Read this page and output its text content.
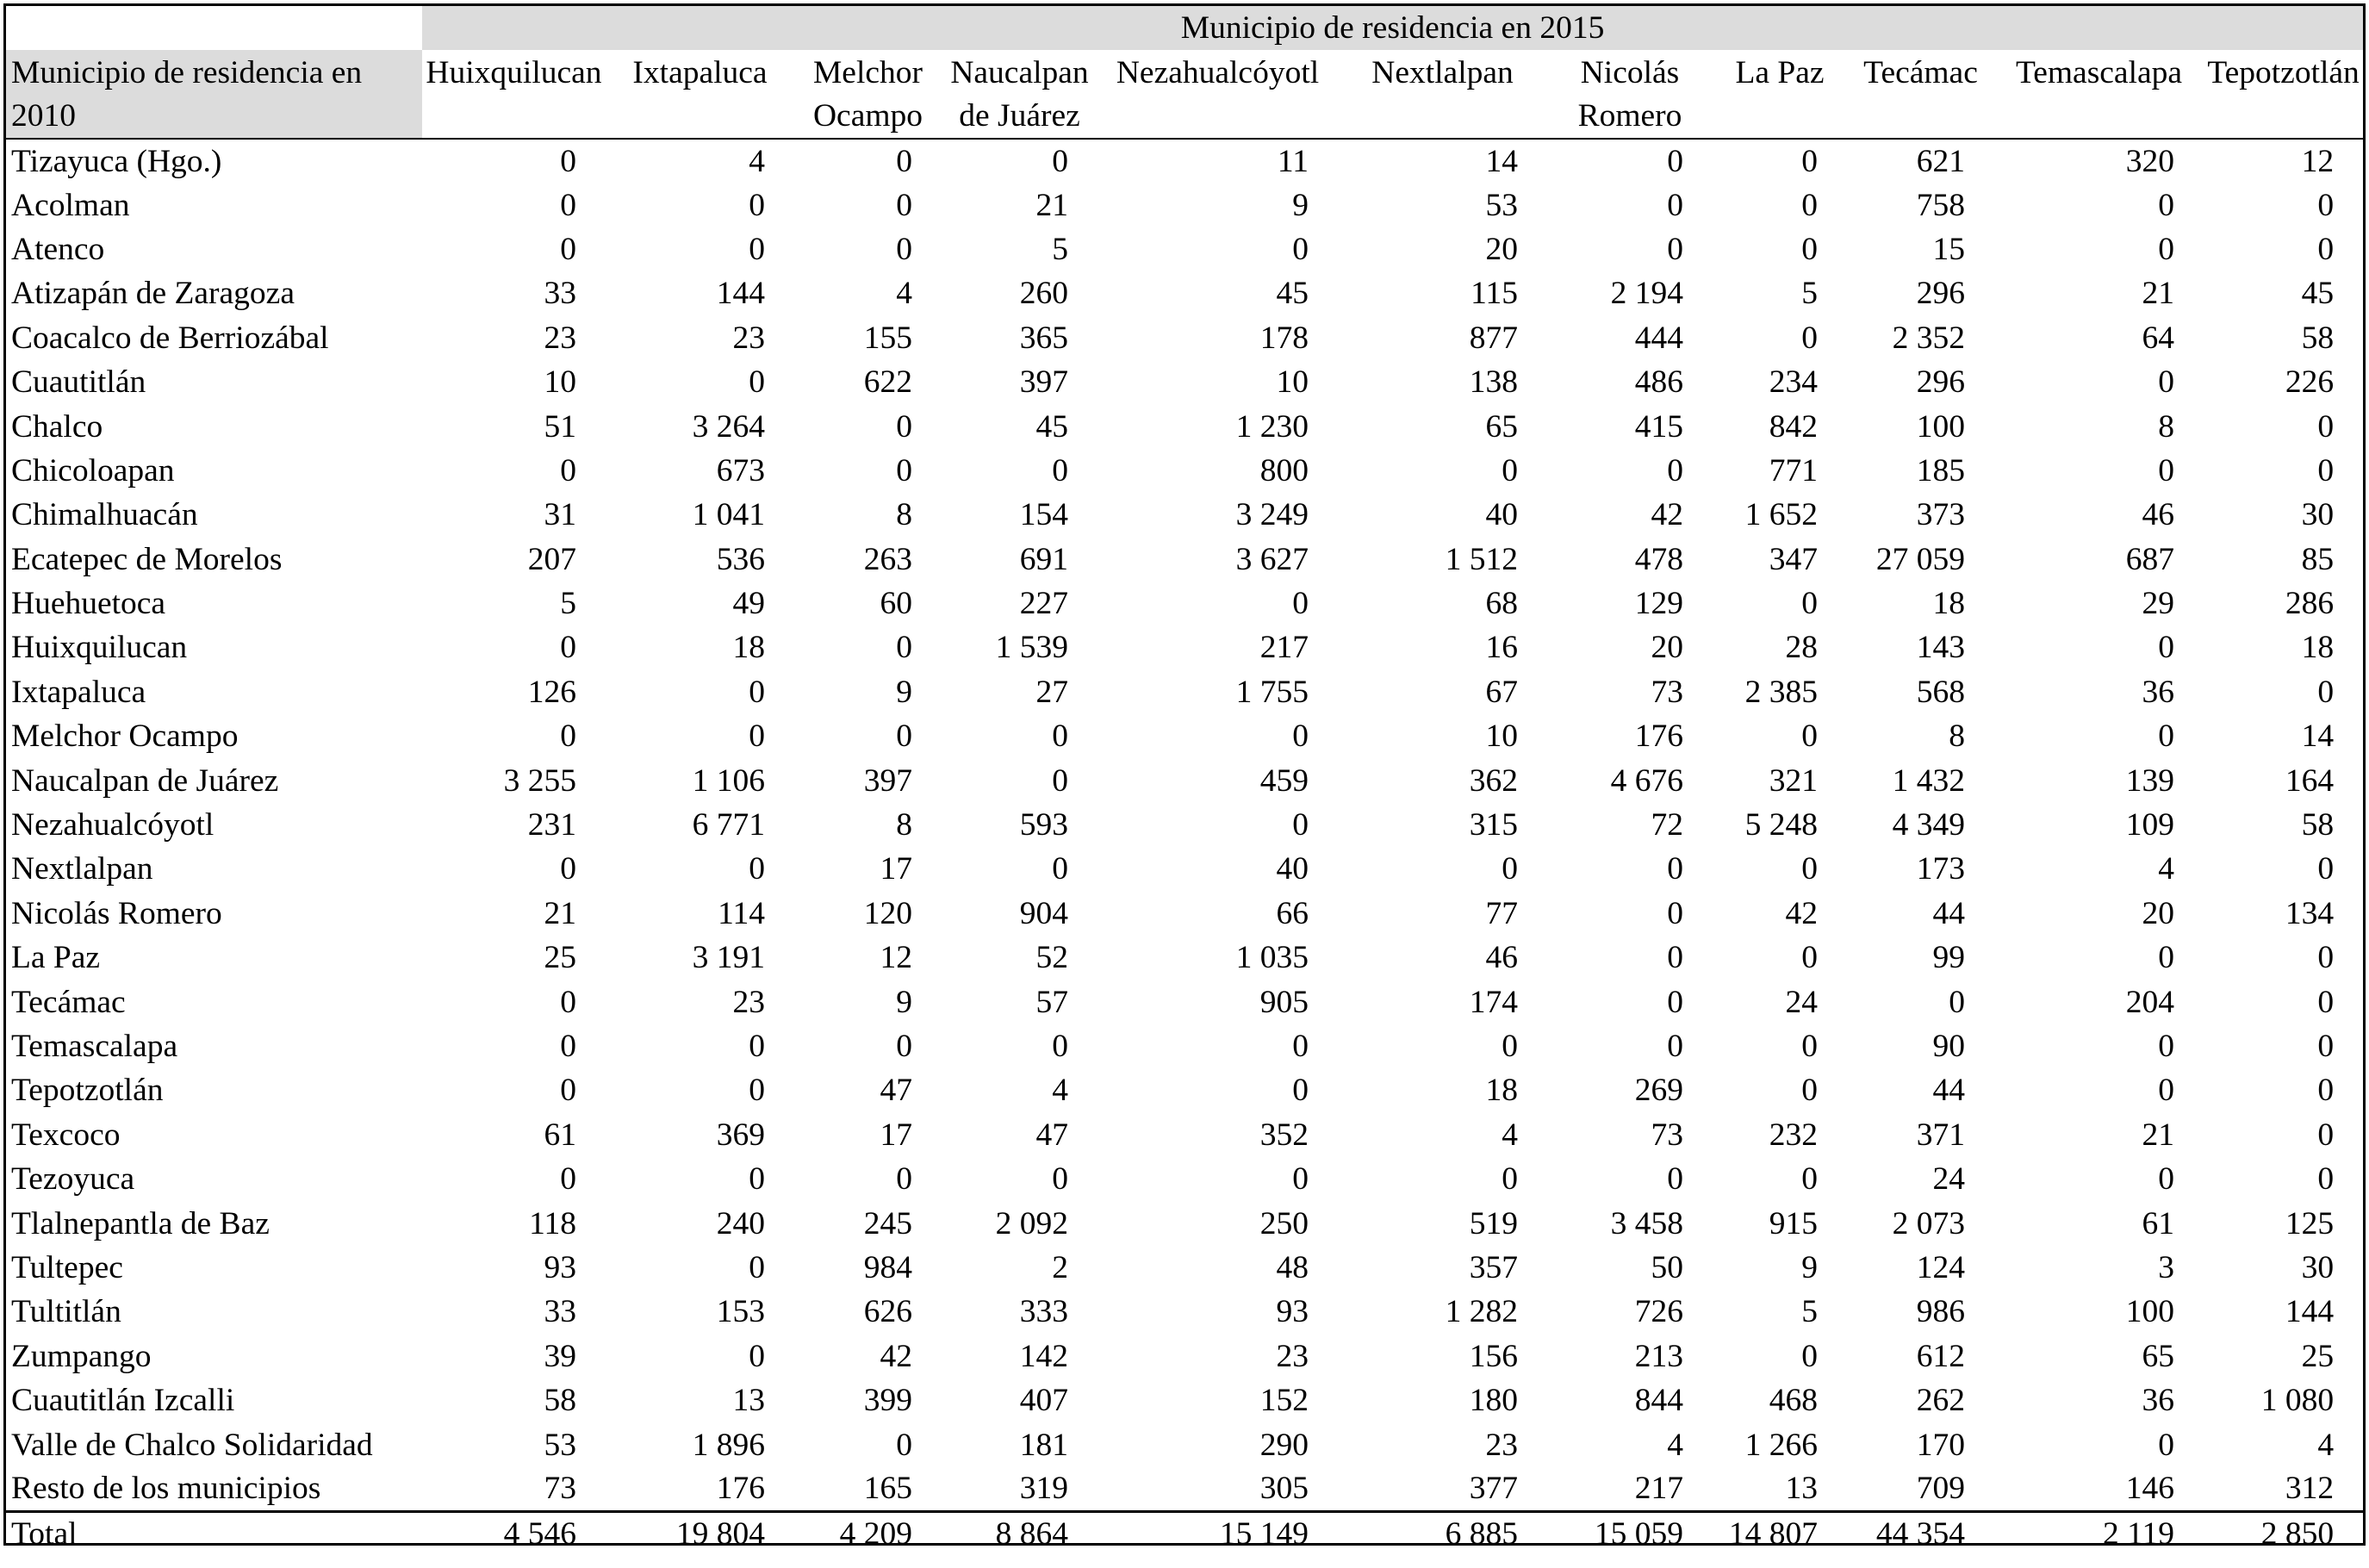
	Municipio de residencia en 2015										
Municipio de residencia en 2010	Huixquilucan	Ixtapaluca	Melchor Ocampo	Naucalpan de Juárez	Nezahualcóyotl	Nextlalpan	Nicolás Romero	La Paz	Tecámac	Temascalapa	Tepotzotlán
Tizayuca (Hgo.)	0	4	0	0	11	14	0	0	621	320	12
Acolman	0	0	0	21	9	53	0	0	758	0	0
Atenco	0	0	0	5	0	20	0	0	15	0	0
Atizapán de Zaragoza	33	144	4	260	45	115	2 194	5	296	21	45
Coacalco de Berriozábal	23	23	155	365	178	877	444	0	2 352	64	58
Cuautitlán	10	0	622	397	10	138	486	234	296	0	226
Chalco	51	3 264	0	45	1 230	65	415	842	100	8	0
Chicoloapan	0	673	0	0	800	0	0	771	185	0	0
Chimalhuacán	31	1 041	8	154	3 249	40	42	1 652	373	46	30
Ecatepec de Morelos	207	536	263	691	3 627	1 512	478	347	27 059	687	85
Huehuetoca	5	49	60	227	0	68	129	0	18	29	286
Huixquilucan	0	18	0	1 539	217	16	20	28	143	0	18
Ixtapaluca	126	0	9	27	1 755	67	73	2 385	568	36	0
Melchor Ocampo	0	0	0	0	0	10	176	0	8	0	14
Naucalpan de Juárez	3 255	1 106	397	0	459	362	4 676	321	1 432	139	164
Nezahualcóyotl	231	6 771	8	593	0	315	72	5 248	4 349	109	58
Nextlalpan	0	0	17	0	40	0	0	0	173	4	0
Nicolás Romero	21	114	120	904	66	77	0	42	44	20	134
La Paz	25	3 191	12	52	1 035	46	0	0	99	0	0
Tecámac	0	23	9	57	905	174	0	24	0	204	0
Temascalapa	0	0	0	0	0	0	0	0	90	0	0
Tepotzotlán	0	0	47	4	0	18	269	0	44	0	0
Texcoco	61	369	17	47	352	4	73	232	371	21	0
Tezoyuca	0	0	0	0	0	0	0	0	24	0	0
Tlalnepantla de Baz	118	240	245	2 092	250	519	3 458	915	2 073	61	125
Tultepec	93	0	984	2	48	357	50	9	124	3	30
Tultitlán	33	153	626	333	93	1 282	726	5	986	100	144
Zumpango	39	0	42	142	23	156	213	0	612	65	25
Cuautitlán Izcalli	58	13	399	407	152	180	844	468	262	36	1 080
Valle de Chalco Solidaridad	53	1 896	0	181	290	23	4	1 266	170	0	4
Resto de los municipios	73	176	165	319	305	377	217	13	709	146	312
Total	4 546	19 804	4 209	8 864	15 149	6 885	15 059	14 807	44 354	2 119	2 850
